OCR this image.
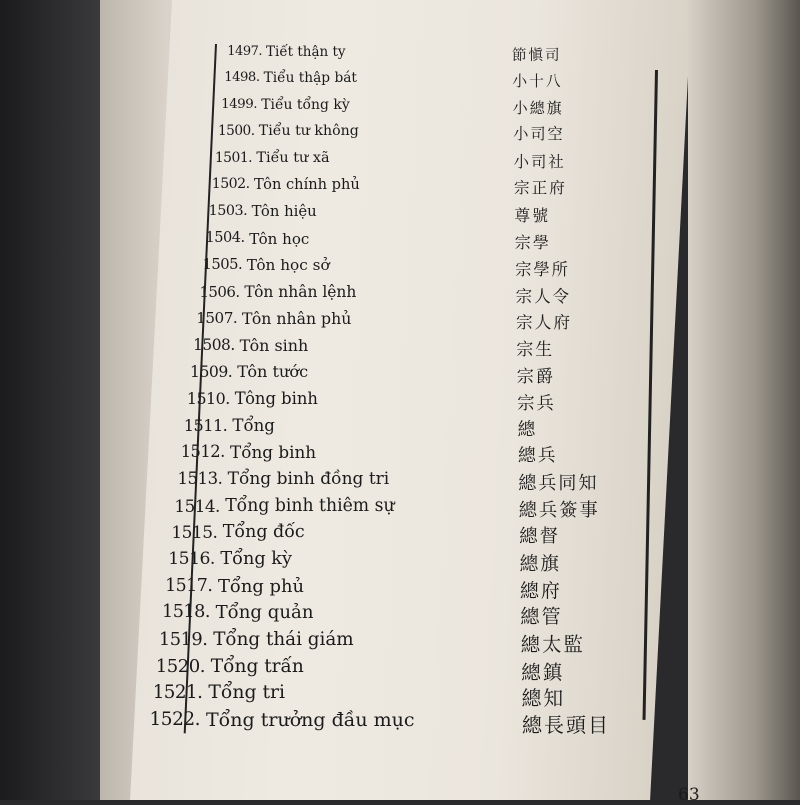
1497. Tiết thận ty	節愼司
1498. Tiểu thập bát	小十八
1499. Tiểu tổng kỳ	小總旗
1500. Tiểu tư không	小司空
1501. Tiểu tư xã	小司社
1502. Tôn chính phủ	宗正府
1503. Tôn hiệu	尊號
1504. Tôn học	宗學
1505. Tôn học sở	宗學所
1506. Tôn nhân lệnh	宗人令
1507. Tôn nhân phủ	宗人府
1508. Tôn sinh	宗生
1509. Tôn tước	宗爵
1510. Tông binh	宗兵
1511. Tổng	總
1512. Tổng binh	總兵
1513. Tổng binh đồng tri	總兵同知
1514. Tổng binh thiêm sự	總兵簽事
1515. Tổng đốc	總督
1516. Tổng kỳ	總旗
1517. Tổng phủ	總府
1518. Tổng quản	總管
1519. Tổng thái giám	總太監
1520. Tổng trấn	總鎮
1521. Tổng tri	總知
1522. Tổng trưởng đầu mục	總長頭目
63
